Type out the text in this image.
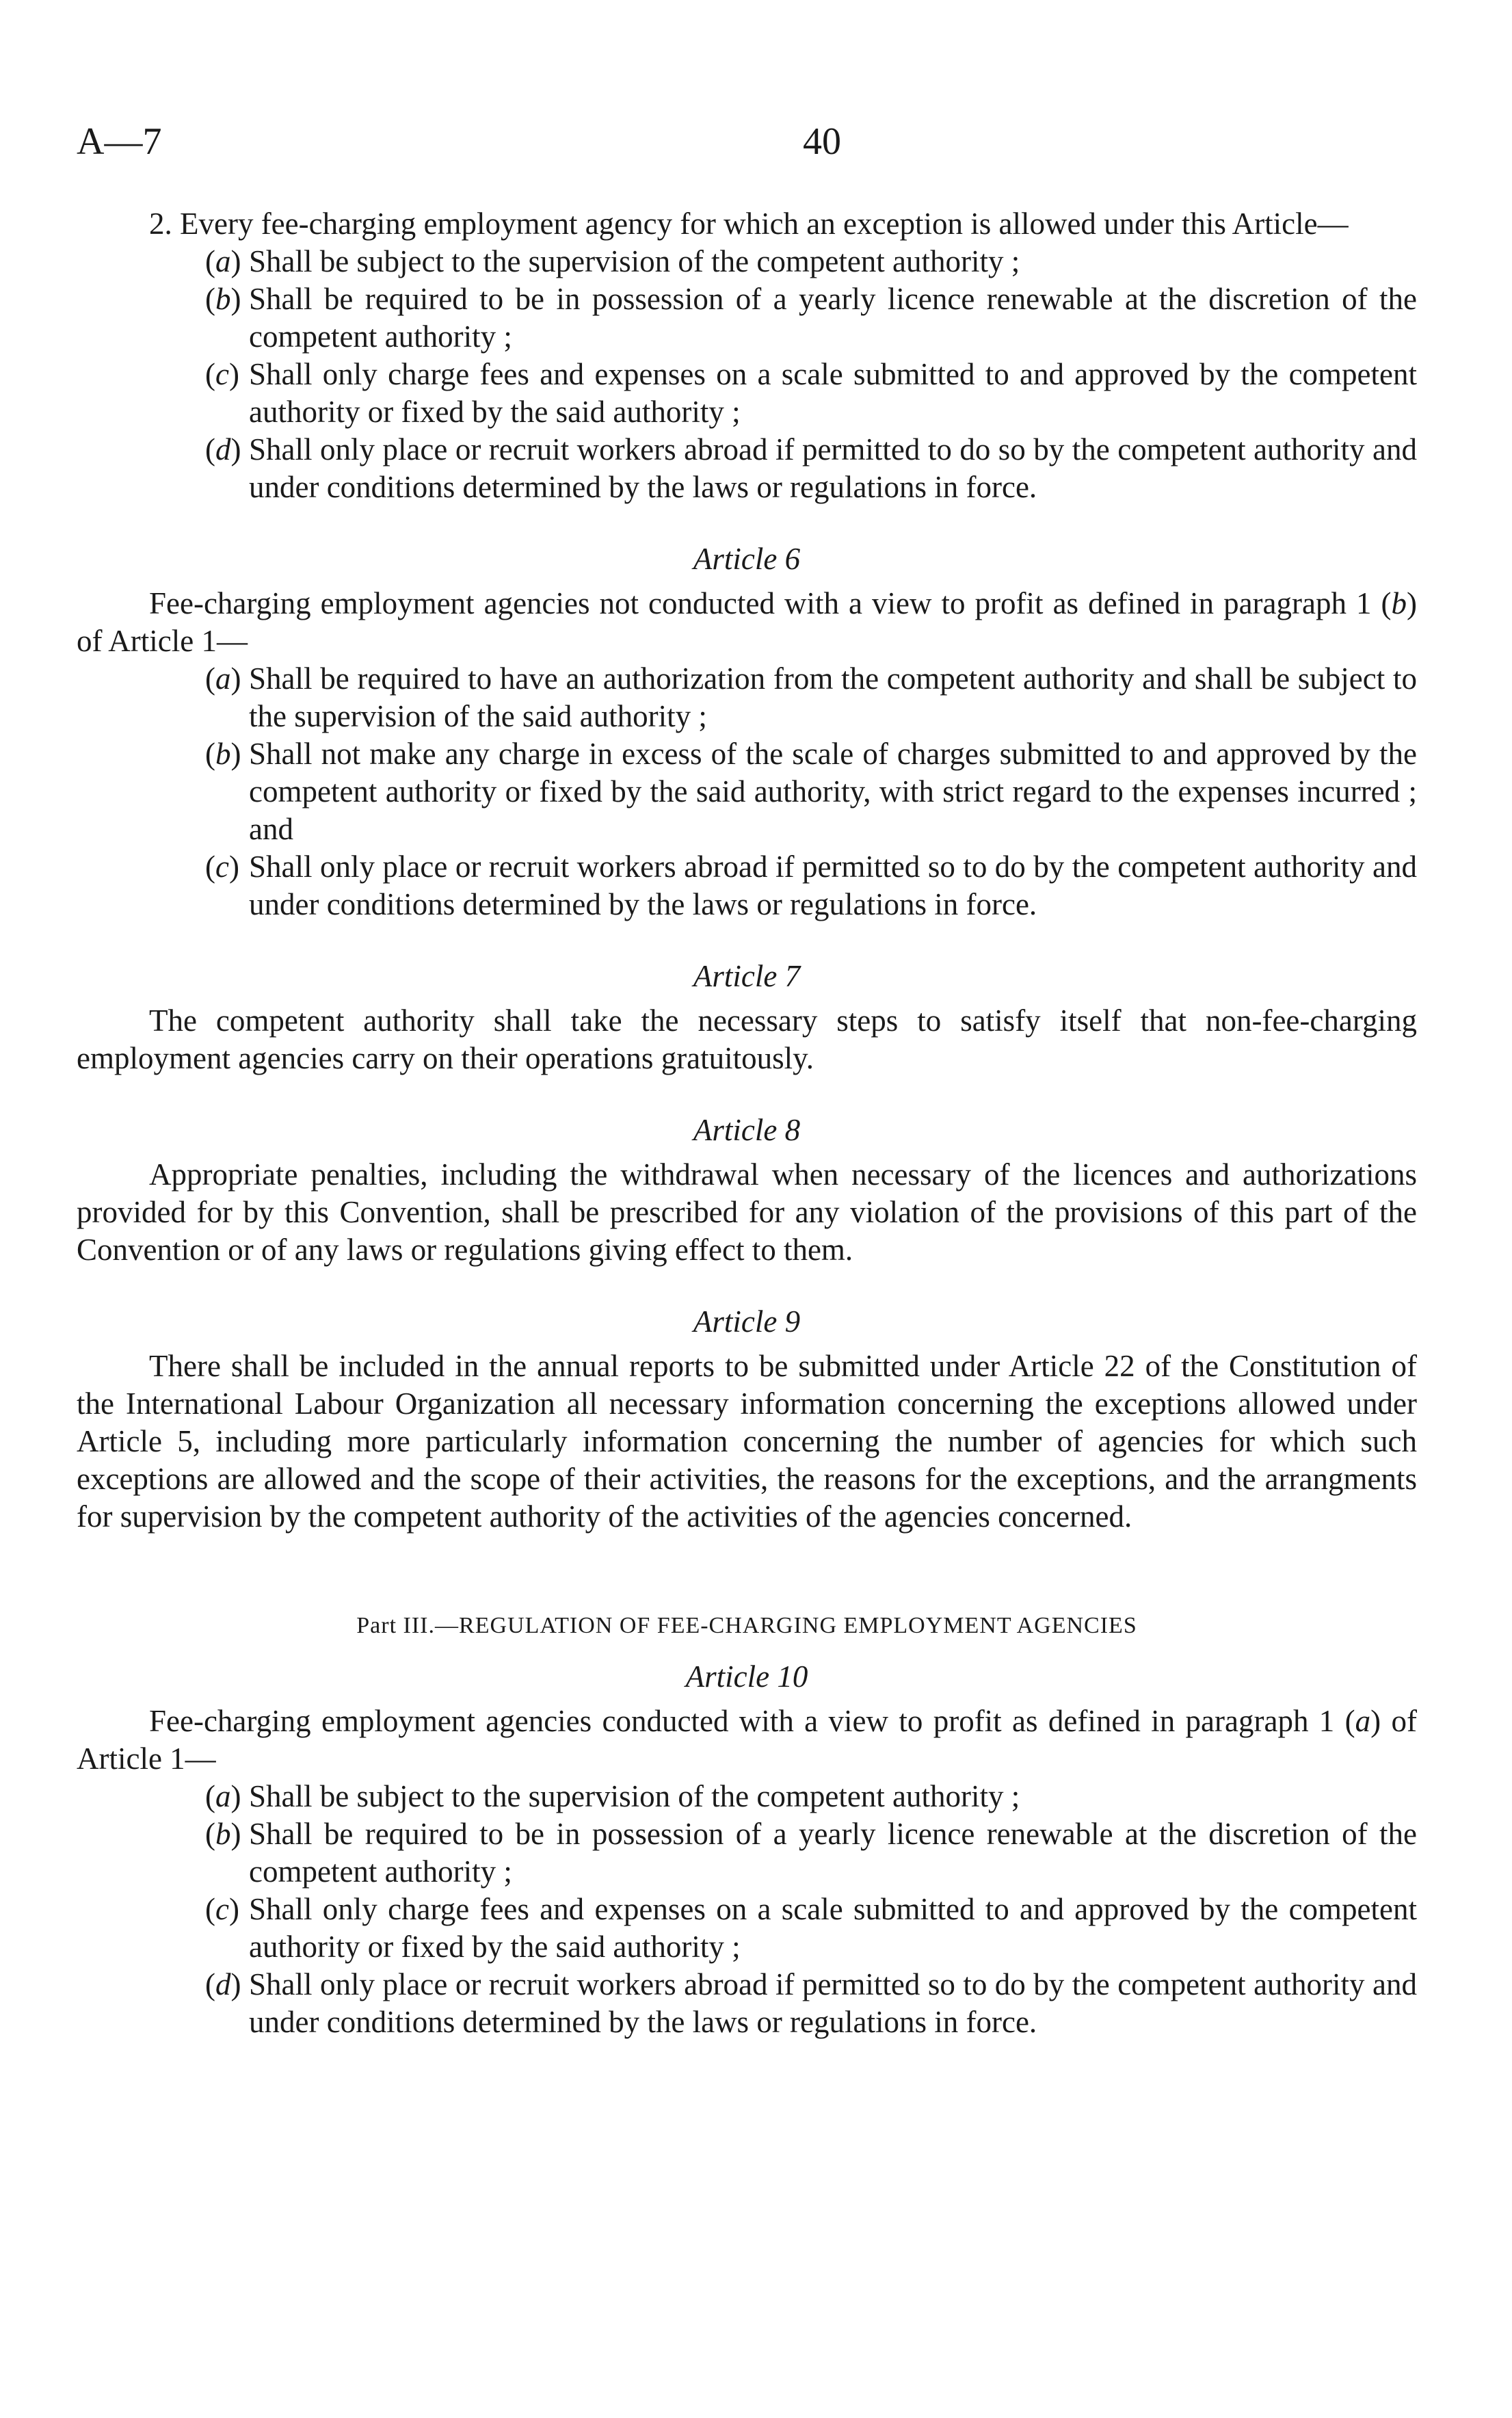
A—7	40

2. Every fee-charging employment agency for which an exception is allowed under this Article—

(a) Shall be subject to the supervision of the competent authority ;
(b) Shall be required to be in possession of a yearly licence renewable at the discretion of the competent authority ;
(c) Shall only charge fees and expenses on a scale submitted to and approved by the competent authority or fixed by the said authority ;
(d) Shall only place or recruit workers abroad if permitted to do so by the competent authority and under conditions determined by the laws or regulations in force.
Article 6

Fee-charging employment agencies not conducted with a view to profit as defined in paragraph 1 (b) of Article 1—

(a) Shall be required to have an authorization from the competent authority and shall be subject to the supervision of the said authority ;
(b) Shall not make any charge in excess of the scale of charges submitted to and approved by the competent authority or fixed by the said authority, with strict regard to the expenses incurred ; and
(c) Shall only place or recruit workers abroad if permitted so to do by the competent authority and under conditions determined by the laws or regulations in force.
Article 7

The competent authority shall take the necessary steps to satisfy itself that non-fee-charging employment agencies carry on their operations gratuitously.

Article 8

Appropriate penalties, including the withdrawal when necessary of the licences and authorizations provided for by this Convention, shall be prescribed for any violation of the provisions of this part of the Convention or of any laws or regulations giving effect to them.

Article 9

There shall be included in the annual reports to be submitted under Article 22 of the Constitution of the International Labour Organization all necessary information concerning the exceptions allowed under Article 5, including more particularly information concerning the number of agencies for which such exceptions are allowed and the scope of their activities, the reasons for the exceptions, and the arrangments for supervision by the competent authority of the activities of the agencies concerned.

Part III.—REGULATION OF FEE-CHARGING EMPLOYMENT AGENCIES
Article 10

Fee-charging employment agencies conducted with a view to profit as defined in paragraph 1 (a) of Article 1—

(a) Shall be subject to the supervision of the competent authority ;
(b) Shall be required to be in possession of a yearly licence renewable at the discretion of the competent authority ;
(c) Shall only charge fees and expenses on a scale submitted to and approved by the competent authority or fixed by the said authority ;
(d) Shall only place or recruit workers abroad if permitted so to do by the competent authority and under conditions determined by the laws or regulations in force.
